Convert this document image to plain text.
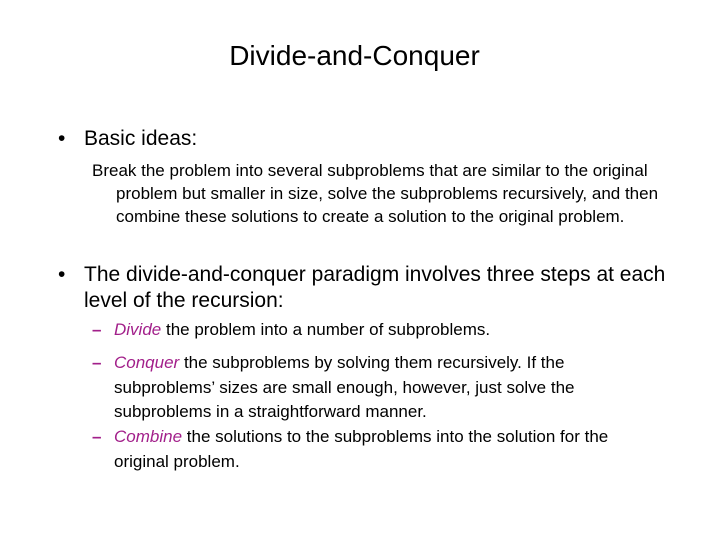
Divide-and-Conquer
• Basic ideas:
Break the problem into several subproblems that are similar to the original problem but smaller in size, solve the subproblems recursively, and then combine these solutions to create a solution to the original problem.
• The divide-and-conquer paradigm involves three steps at each level of the recursion:
– Divide the problem into a number of subproblems.
– Conquer the subproblems by solving them recursively. If the subproblems’ sizes are small enough, however, just solve the subproblems in a straightforward manner.
– Combine the solutions to the subproblems into the solution for the original problem.
